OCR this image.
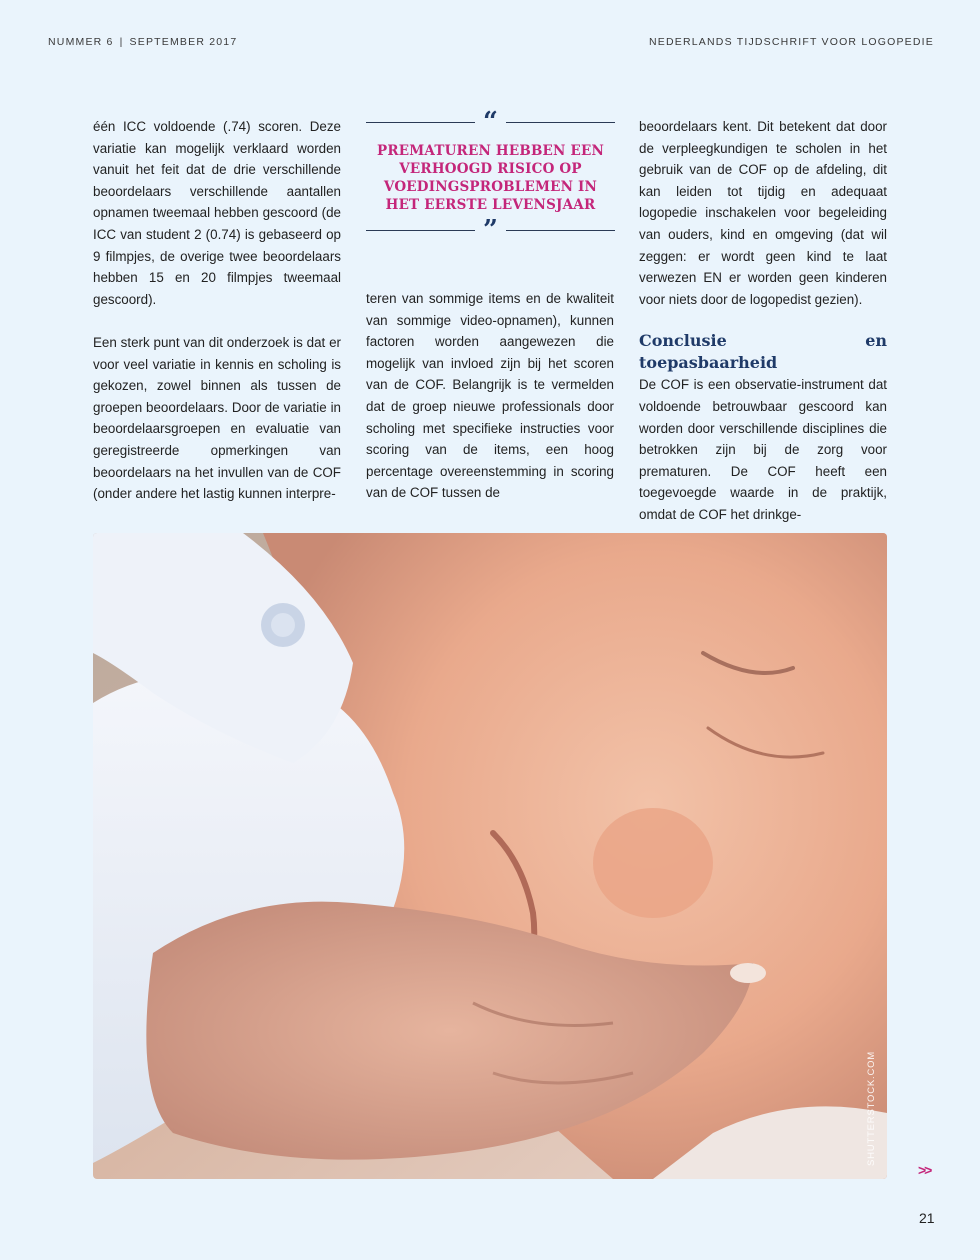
NUMMER 6 | SEPTEMBER 2017	NEDERLANDS TIJDSCHRIFT VOOR LOGOPEDIE

één ICC voldoende (.74) scoren. Deze variatie kan mogelijk verklaard worden vanuit het feit dat de drie verschillende beoordelaars verschillende aantallen opnamen tweemaal hebben gescoord (de ICC van student 2 (0.74) is gebaseerd op 9 filmpjes, de overige twee beoordelaars hebben 15 en 20 filmpjes tweemaal gescoord).

Een sterk punt van dit onderzoek is dat er voor veel variatie in kennis en scholing is gekozen, zowel binnen als tussen de groepen beoordelaars. Door de variatie in beoordelaarsgroepen en evaluatie van geregistreerde opmerkingen van beoordelaars na het invullen van de COF (onder andere het lastig kunnen interpre-

“
PREMATUREN HEBBEN EEN VERHOOGD RISICO OP VOEDINGSPROBLEMEN IN HET EERSTE LEVENSJAAR
”

teren van sommige items en de kwaliteit van sommige video-opnamen), kunnen factoren worden aangewezen die mogelijk van invloed zijn bij het scoren van de COF. Belangrijk is te vermelden dat de groep nieuwe professionals door scholing met specifieke instructies voor scoring van de items, een hoog percentage overeenstemming in scoring van de COF tussen de

beoordelaars kent. Dit betekent dat door de verpleegkundigen te scholen in het gebruik van de COF op de afdeling, dit kan leiden tot tijdig en adequaat logopedie inschakelen voor begeleiding van ouders, kind en omgeving (dat wil zeggen: er wordt geen kind te laat verwezen EN er worden geen kinderen voor niets door de logopedist gezien).

Conclusie en toepasbaarheid

De COF is een observatie-instrument dat voldoende betrouwbaar gescoord kan worden door verschillende disciplines die betrokken zijn bij de zorg voor prematuren. De COF heeft een toegevoegde waarde in de praktijk, omdat de COF het drinkge-

SHUTTERSTOCK.COM
>>
21
